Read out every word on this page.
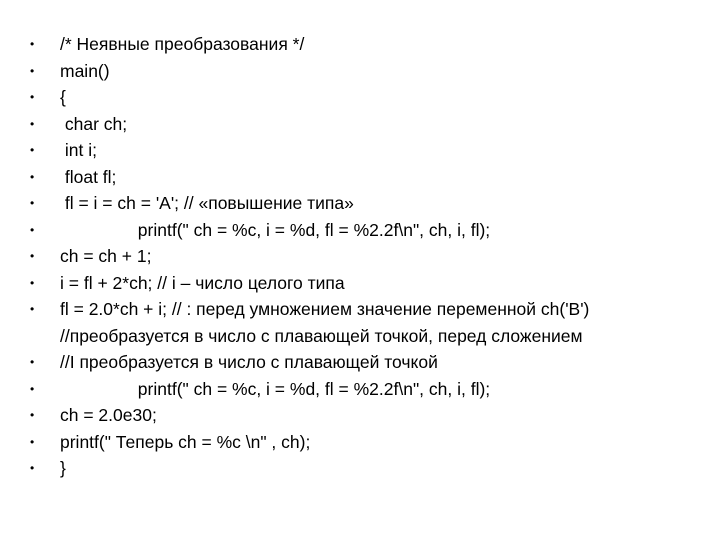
•	/* Неявные преобразования */
•	main()
•	{
•	char ch;
•	int i;
•	float fl;
•	fl = i = ch = 'A'; // «повышение типа»
•	printf(" ch = %c, i = %d, fl = %2.2f\n", ch, i, fl);
•	ch = ch + 1;
•	i = fl + 2*ch; // i – число целого типа
•	fl = 2.0*ch + i; // : перед умножением значение переменной ch('B')
//преобразуется в число с плавающей точкой, перед сложением
•	//I преобразуется в число с плавающей точкой
•	printf(" ch = %c, i = %d, fl = %2.2f\n", ch, i, fl);
•	ch = 2.0e30;
•	printf(" Теперь ch = %c \n" , ch);
•	}
